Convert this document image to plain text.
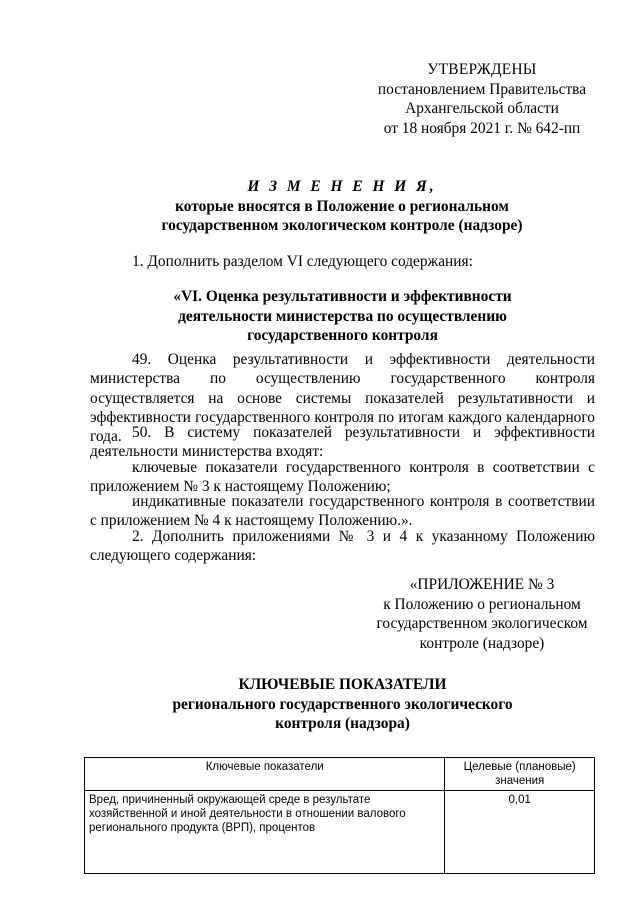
УТВЕРЖДЕНЫ
постановлением Правительства
Архангельской области
от 18 ноября 2021 г. № 642-пп
И З М Е Н Е Н И Я,
которые вносятся в Положение о региональном
государственном экологическом контроле (надзоре)
1. Дополнить разделом VI следующего содержания:
«VI. Оценка результативности и эффективности
деятельности министерства по осуществлению
государственного контроля
49. Оценка результативности и эффективности деятельности министерства по осуществлению государственного контроля осуществляется на основе системы показателей результативности и эффективности государственного контроля по итогам каждого календарного года. 50. В систему показателей результативности и эффективности деятельности министерства входят:
ключевые показатели государственного контроля в соответствии с приложением № 3 к настоящему Положению;
индикативные показатели государственного контроля в соответствии с приложением № 4 к настоящему Положению.».
2. Дополнить приложениями № 3 и 4 к указанному Положению следующего содержания:
«ПРИЛОЖЕНИЕ № 3
к Положению о региональном
государственном экологическом
контроле (надзоре)
КЛЮЧЕВЫЕ ПОКАЗАТЕЛИ
регионального государственного экологического
контроля (надзора)
Ключевые показатели	Целевые (плановые) значения
Вред, причиненный окружающей среде в результате хозяйственной и иной деятельности в отношении валового регионального продукта (ВРП), процентов	0,01
